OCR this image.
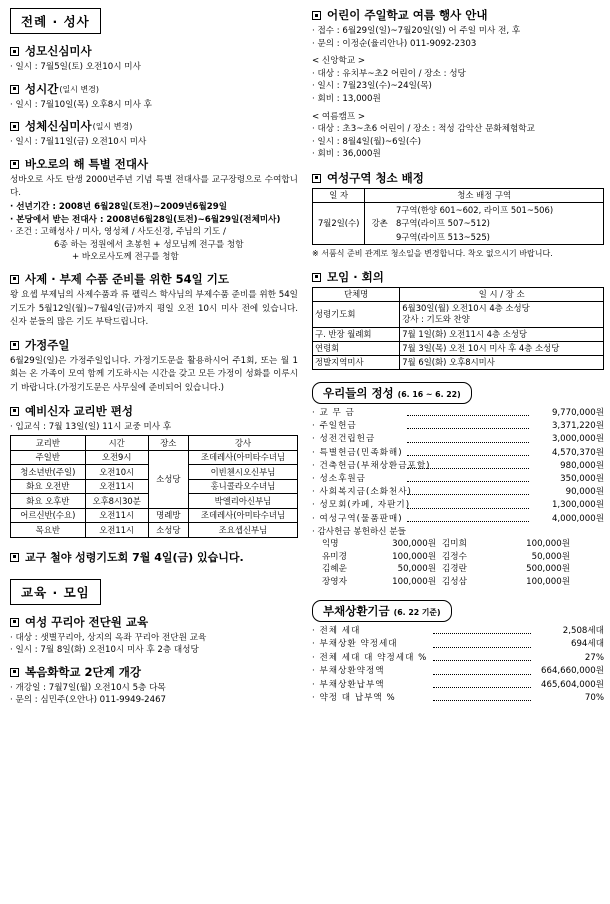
전례 · 성사
성모신심미사
· 일시 : 7월5일(토) 오전10시 미사
성시간 (일시 변경)
· 일시 : 7월10일(목) 오후8시 미사 후
성체신심미사 (일시 변경)
· 일시 : 7월11일(금) 오전10시 미사
바오로의 해 특별 전대사
성바오로 사도 탄생 2000년주년 기념 특별 전대사를 교구장령으로 수여합니다.
· 선년기간 : 2008년 6월28일(토전)~2009년6월29일
· 본당에서 받는 전대사 : 2008년6월28일(토전)~6월29일(전체미사)
· 조건 : 고해성사 / 미사, 영성체 / 사도신경, 주님의 기도 /
6종 하는 정원에서 초봉헌 + 성모님께 전구를 청함
+ 바오로사도께 전구를 청함
사제 · 부제 수품 준비를 위한 54일 기도
왕 요셉 부제님의 사제수품과 류 펠릭스 학사님의 부제수품 준비를 위한 54일 기도가 5월12일(월)~7월4일(금)까지 평일 오전 10시 미사 전에 있습니다. 신자 분들의 많은 기도 부탁드립니다.
가정주일
6월29일(일)은 가정주일입니다. 가정기도문을 활용하시어 주1회, 또는 월 1회는 온 가족이 모여 함께 기도하시는 시간을 갖고 모든 가정이 성화를 이루시기 바랍니다.(가정기도문은 사무실에 준비되어 있습니다.)
예비신자 교리반 편성
· 입교식 : 7월 13일(일) 11시 교중 미사 후
교리반	시간	장소	강사
주일반	오전9시	소성당	조데레사(아미타수녀님
청소년반(주일)	오전10시		이빈첸시오신부님
화요 오전반	오전11시		홍니콜라오수녀님
화요 오후반	오후8시30분		박엘리아신부님
어르신반(수요)	오전11시	명례방	조데레사(아미타수녀님
목요반	오전11시	소성당	조요셉신부님
교구 철야 성령기도회 7월 4일(금) 있습니다.
교육 · 모임
여성 꾸리아 전단원 교육
· 대상 : 샛별꾸리아, 상지의 옥좌 꾸리아 전단원 교육
· 일시 : 7월 8일(화) 오전10시 미사 후 2층 대성당
복음화학교 2단계 개강
· 개강일 : 7월7일(월) 오전10시 5층 다목
· 문의 : 심민주(오안나) 011-9949-2467
어린이 주일학교 여름 행사 안내
· 접수 : 6월29일(일)~7월20일(일) 어 주일 미사 전, 후
· 문의 : 이정순(율리안나) 011-9092-2303
< 신앙학교 >
· 대상 : 유치부~초2 어린이 / 장소 : 성당
· 일시 : 7월23일(수)~24일(목)
· 회비 : 13,000원
< 여름캠프 >
· 대상 : 초3~초6 어린이 / 장소 : 적성 감악산 문화체험학교
· 일시 : 8월4일(월)~6일(수)
· 회비 : 36,000원
여성구역 청소 배정
일 자	청소 배정 구역	
7월2일(수)	강촌	7구역(한양 601~602, 라이프 501~506)
		8구역(라이프 507~512)
		9구역(라이프 513~525)
※ 서품식 준비 관계로 청소일을 변경합니다. 착오 없으시기 바랍니다.
모임 · 회의
단체명	일 시 / 장 소
성령기도회	6월30일(월) 오전10시 4층 소성당
강사 : 기도와 찬양

구. 반장 월례회	7월 1일(화) 오전11시 4층 소성당
연령회	7월 3일(목) 오전 10시 미사 후 4층 소성당
정발지역미사	7월 6일(화) 오후8시미사
우리들의 정성 (6. 16 ~ 6. 22)
· 교 무 금	9,770,000원
· 주일헌금	3,371,220원
· 성전건립헌금	3,000,000원
· 특별헌금(민족화해)	4,570,370원
· 건축헌금(부채상환금포함)	980,000원
· 성소후원금	350,000원
· 사회복지금(소화천사)	90,000원
· 성모회(카페, 자판기)	1,300,000원
· 여성구역(물품판매)	4,000,000원
· 감사헌금 봉헌하신 분들
익명	300,000원 김미희	100,000원
유미경	100,000원 김정수	50,000원
김혜운	50,000원 김경란	500,000원
장영자	100,000원 김성삼	100,000원
부채상환기금 (6. 22 기준)
· 전체 세대	2,508세대
· 부채상환 약정세대	694세대
· 전체 세대 대 약정세대 %	27%
· 부채상환약정액	664,660,000원
· 부채상환납부액	465,604,000원
· 약정 대 납부액 %	70%
